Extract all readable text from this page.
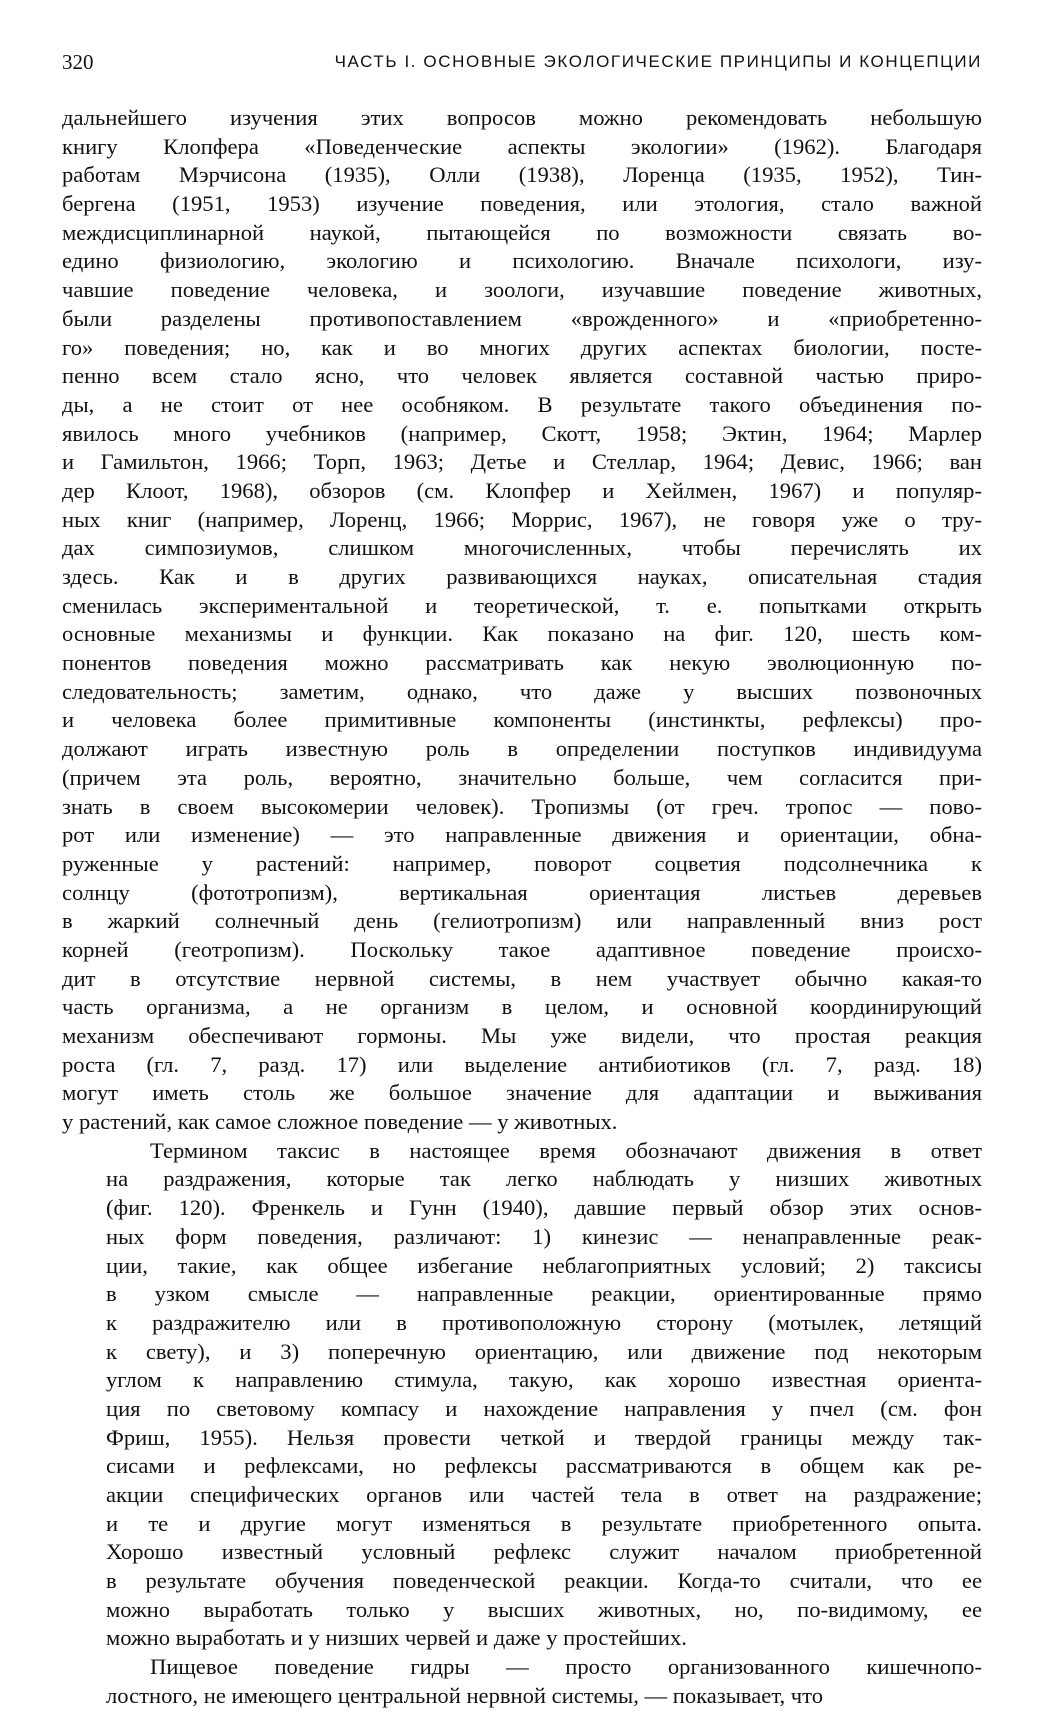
320	ЧАСТЬ I. ОСНОВНЫЕ ЭКОЛОГИЧЕСКИЕ ПРИНЦИПЫ И КОНЦЕПЦИИ
дальнейшего изучения этих вопросов можно рекомендовать небольшую
книгу Клопфера «Поведенческие аспекты экологии» (1962). Благодаря
работам Мэрчисона (1935), Олли (1938), Лоренца (1935, 1952), Тин-
бергена (1951, 1953) изучение поведения, или этология, стало важной
междисциплинарной наукой, пытающейся по возможности связать во-
едино физиологию, экологию и психологию. Вначале психологи, изу-
чавшие поведение человека, и зоологи, изучавшие поведение животных,
были разделены противопоставлением «врожденного» и «приобретенно-
го» поведения; но, как и во многих других аспектах биологии, посте-
пенно всем стало ясно, что человек является составной частью приро-
ды, а не стоит от нее особняком. В результате такого объединения по-
явилось много учебников (например, Скотт, 1958; Эктин, 1964; Марлер
и Гамильтон, 1966; Торп, 1963; Детье и Стеллар, 1964; Девис, 1966; ван
дер Клоот, 1968), обзоров (см. Клопфер и Хейлмен, 1967) и популяр-
ных книг (например, Лоренц, 1966; Моррис, 1967), не говоря уже о тру-
дах симпозиумов, слишком многочисленных, чтобы перечислять их
здесь. Как и в других развивающихся науках, описательная стадия
сменилась экспериментальной и теоретической, т. е. попытками открыть
основные механизмы и функции. Как показано на фиг. 120, шесть ком-
понентов поведения можно рассматривать как некую эволюционную по-
следовательность; заметим, однако, что даже у высших позвоночных
и человека более примитивные компоненты (инстинкты, рефлексы) про-
должают играть известную роль в определении поступков индивидуума
(причем эта роль, вероятно, значительно больше, чем согласится при-
знать в своем высокомерии человек). Тропизмы (от греч. тропос — пово-
рот или изменение) — это направленные движения и ориентации, обна-
руженные у растений: например, поворот соцветия подсолнечника к
солнцу (фототропизм), вертикальная ориентация листьев деревьев
в жаркий солнечный день (гелиотропизм) или направленный вниз рост
корней (геотропизм). Поскольку такое адаптивное поведение происхо-
дит в отсутствие нервной системы, в нем участвует обычно какая-то
часть организма, а не организм в целом, и основной координирующий
механизм обеспечивают гормоны. Мы уже видели, что простая реакция
роста (гл. 7, разд. 17) или выделение антибиотиков (гл. 7, разд. 18)
могут иметь столь же большое значение для адаптации и выживания
у растений, как самое сложное поведение — у животных.
Термином таксис в настоящее время обозначают движения в ответ
на раздражения, которые так легко наблюдать у низших животных
(фиг. 120). Френкель и Гунн (1940), давшие первый обзор этих основ-
ных форм поведения, различают: 1) кинезис — ненаправленные реак-
ции, такие, как общее избегание неблагоприятных условий; 2) таксисы
в узком смысле — направленные реакции, ориентированные прямо
к раздражителю или в противоположную сторону (мотылек, летящий
к свету), и 3) поперечную ориентацию, или движение под некоторым
углом к направлению стимула, такую, как хорошо известная ориента-
ция по световому компасу и нахождение направления у пчел (см. фон
Фриш, 1955). Нельзя провести четкой и твердой границы между так-
сисами и рефлексами, но рефлексы рассматриваются в общем как ре-
акции специфических органов или частей тела в ответ на раздражение;
и те и другие могут изменяться в результате приобретенного опыта.
Хорошо известный условный рефлекс служит началом приобретенной
в результате обучения поведенческой реакции. Когда-то считали, что ее
можно выработать только у высших животных, но, по-видимому, ее
можно выработать и у низших червей и даже у простейших.
Пищевое поведение гидры — просто организованного кишечнопо-
лостного, не имеющего центральной нервной системы, — показывает, что
